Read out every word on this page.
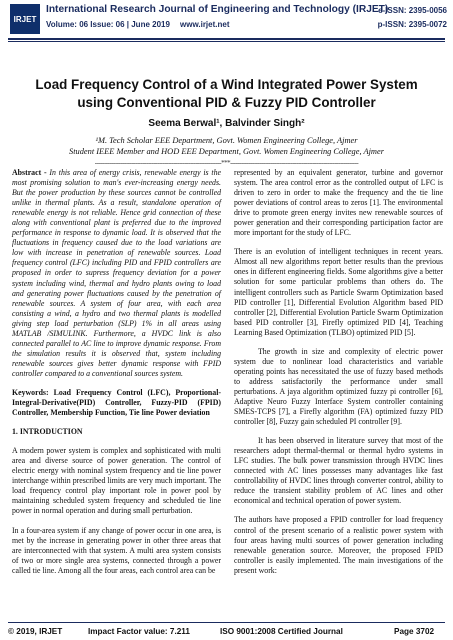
IRJET
International Research Journal of Engineering and Technology (IRJET)
Volume: 06 Issue: 06 | June 2019 www.irjet.net
e-ISSN: 2395-0056
p-ISSN: 2395-0072
Load Frequency Control of a Wind Integrated Power System using Conventional PID & Fuzzy PID Controller
Seema Berwal¹, Balvinder Singh²
¹M. Tech Scholar EEE Department, Govt. Women Engineering College, Ajmer
Student IEEE Member and HOD EEE Department, Govt. Women Engineering College, Ajmer
---------------------------------------------------------------------***----------------------------------------------------------------------

Abstract - In this area of energy crisis, renewable energy is the most promising solution to man's ever-increasing energy needs. But the power production by these sources cannot be controlled unlike in thermal plants. As a result, standalone operation of renewable energy is not reliable. Hence grid connection of these along with conventional plant is preferred due to the improved performance in response to dynamic load. It is observed that the fluctuations in frequency caused due to the load variations are low with increase in penetration of renewable sources. Load frequency control (LFC) including PID and FPID controllers are proposed in order to supress frequency deviation for a power system including wind, thermal and hydro plants owing to load and generating power fluctuations caused by the penetration of renewable sources. A system of four area, with each area consisting a wind, a hydro and two thermal plants is modelled giving step load perturbation (SLP) 1% in all areas using MATLAB /SIMULINK. Furthermore, a HVDC link is also connected parallel to AC line to improve dynamic response. From the simulation results it is observed that, system including renewable sources gives better dynamic response with FPID controller compared to a conventional sources system.

Keywords: Load Frequency Control (LFC), Proportional-Integral-Derivative(PID) Controller, Fuzzy-PID (FPID) Controller, Membership Function, Tie line Power deviation

1. INTRODUCTION

A modern power system is complex and sophisticated with multi area and diverse source of power generation. The control of electric energy with nominal system frequency and tie line power interchange within prescribed limits are very much important. The load frequency control play important role in power pool by maintaining scheduled system frequency and scheduled tie line power in normal operation and during small perturbation.

In a four-area system if any change of power occur in one area, is met by the increase in generating power in other three areas that are interconnected with that system. A multi area system consists of two or more single area systems, connected through a power called tie line. Among all the four areas, each control area can be

represented by an equivalent generator, turbine and governor system. The area control error as the controlled output of LFC is driven to zero in order to make the frequency and the tie line power deviations of control areas to zeros [1]. The environmental drive to promote green energy invites new renewable sources of power generation and their corresponding participation factor are more important for the study of LFC.

There is an evolution of intelligent techniques in recent years. Almost all new algorithms report better results than the previous ones in different engineering fields. Some algorithms give a better solution for some particular problems than others do. The intelligent controllers such as Particle Swarm Optimization based PID controller [1], Differential Evolution Algorithm based PID controller [2], Differential Evolution Particle Swarm Optimization based PID controller [3], Firefly optimized PID [4], Teaching Learning Based Optimization (TLBO) optimized PID [5].

The growth in size and complexity of electric power system due to nonlinear load characteristics and variable operating points has necessitated the use of fuzzy based methods to address satisfactorily the performance under small perturbations. A jaya algorithm optimized fuzzy pi controller [6], Adaptive Neuro Fuzzy Interface System controller containing SMES-TCPS [7], a Firefly algorithm (FA) optimized fuzzy PID controller [8], Fuzzy gain scheduled PI controller [9].

It has been observed in literature survey that most of the researchers adopt thermal-thermal or thermal hydro systems in LFC studies. The bulk power transmission through HVDC lines connected with AC lines possesses many advantages like fast controllability of HVDC lines through converter control, ability to reduce the transient stability problem of AC lines and other economical and technical operation of power system.

The authors have proposed a FPID controller for load frequency control of the present scenario of a realistic power system with four areas having multi sources of power generation including renewable generation source. Moreover, the proposed FPID controller is easily implemented. The main investigations of the present work:

© 2019, IRJET	Impact Factor value: 7.211	ISO 9001:2008 Certified Journal	Page 3702
